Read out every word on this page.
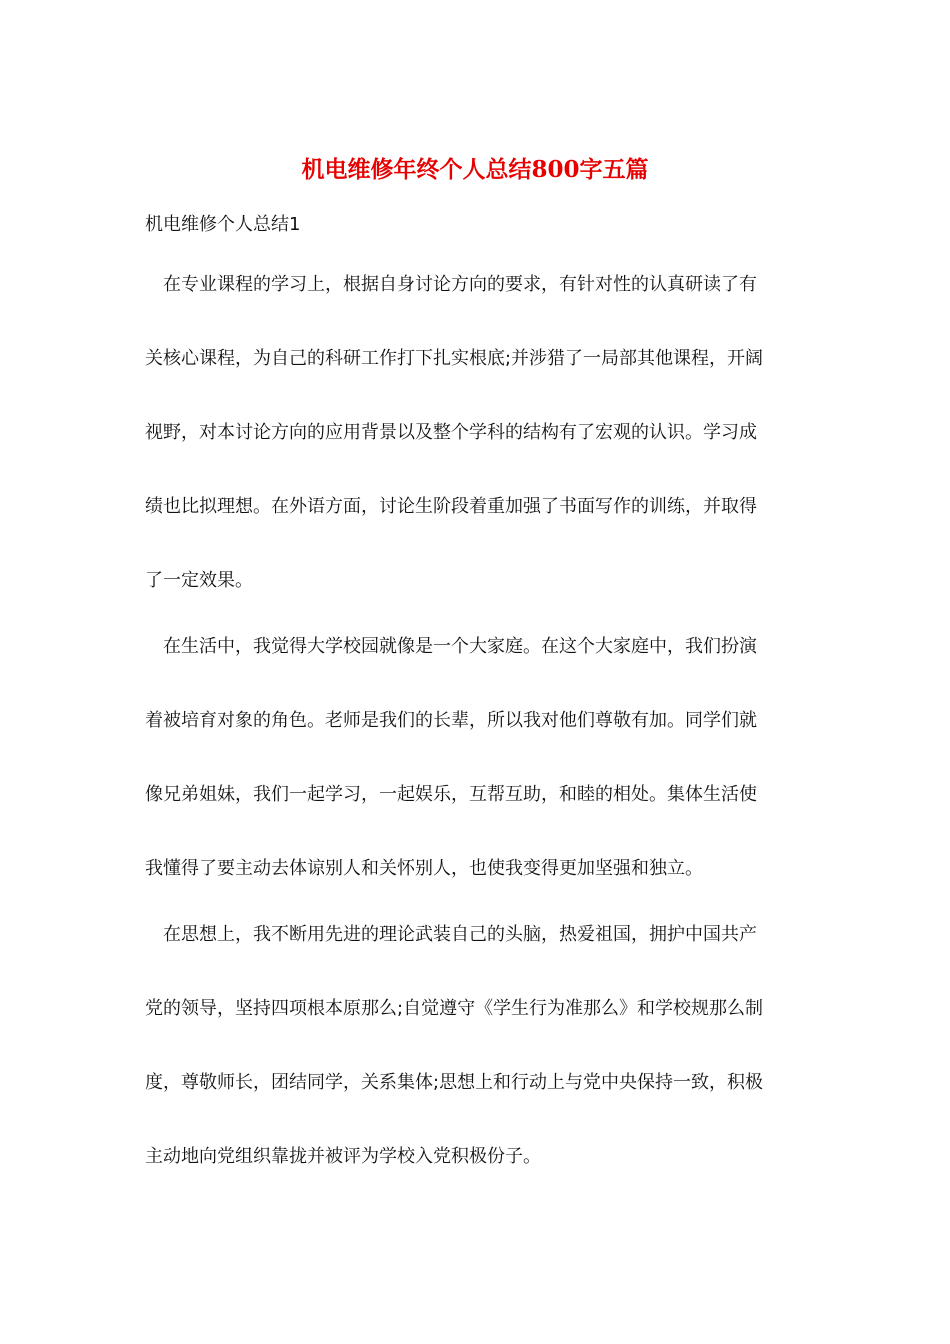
机电维修年终个人总结800字五篇

机电维修个人总结1

在专业课程的学习上，根据自身讨论方向的要求，有针对性的认真研读了有
关核心课程，为自己的科研工作打下扎实根底;并涉猎了一局部其他课程，开阔
视野，对本讨论方向的应用背景以及整个学科的结构有了宏观的认识。学习成
绩也比拟理想。在外语方面，讨论生阶段着重加强了书面写作的训练，并取得
了一定效果。
在生活中，我觉得大学校园就像是一个大家庭。在这个大家庭中，我们扮演
着被培育对象的角色。老师是我们的长辈，所以我对他们尊敬有加。同学们就
像兄弟姐妹，我们一起学习，一起娱乐，互帮互助，和睦的相处。集体生活使
我懂得了要主动去体谅别人和关怀别人，也使我变得更加坚强和独立。
在思想上，我不断用先进的理论武装自己的头脑，热爱祖国，拥护中国共产
党的领导，坚持四项根本原那么;自觉遵守《学生行为准那么》和学校规那么制
度，尊敬师长，团结同学，关系集体;思想上和行动上与党中央保持一致，积极
主动地向党组织靠拢并被评为学校入党积极份子。
